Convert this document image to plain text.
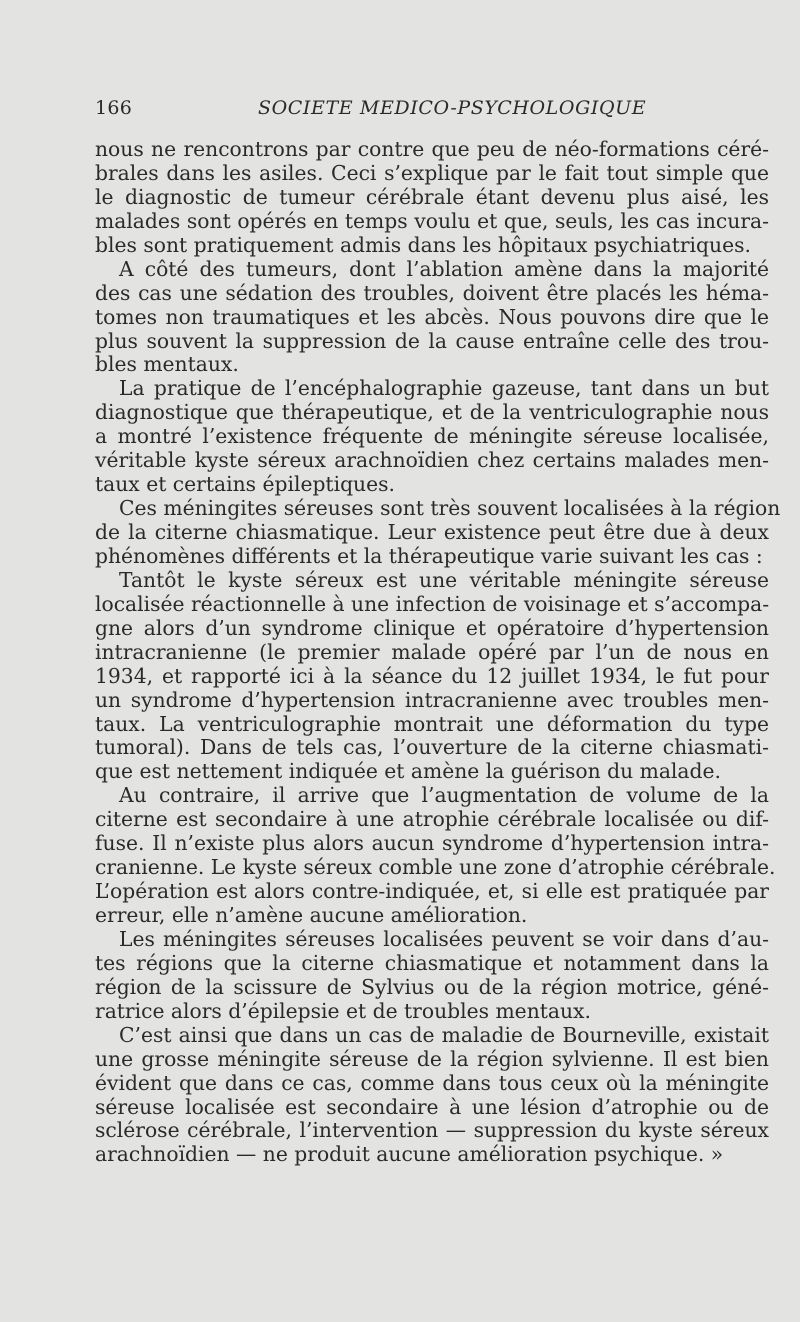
166	SOCIETE MEDICO-PSYCHOLOGIQUE
nous ne rencontrons par contre que peu de néo-formations céré-
brales dans les asiles. Ceci s’explique par le fait tout simple que
le diagnostic de tumeur cérébrale étant devenu plus aisé, les
malades sont opérés en temps voulu et que, seuls, les cas incura-
bles sont pratiquement admis dans les hôpitaux psychiatriques.
A côté des tumeurs, dont l’ablation amène dans la majorité
des cas une sédation des troubles, doivent être placés les héma-
tomes non traumatiques et les abcès. Nous pouvons dire que le
plus souvent la suppression de la cause entraîne celle des trou-
bles mentaux.
La pratique de l’encéphalographie gazeuse, tant dans un but
diagnostique que thérapeutique, et de la ventriculographie nous
a montré l’existence fréquente de méningite séreuse localisée,
véritable kyste séreux arachnoïdien chez certains malades men-
taux et certains épileptiques.
Ces méningites séreuses sont très souvent localisées à la région
de la citerne chiasmatique. Leur existence peut être due à deux
phénomènes différents et la thérapeutique varie suivant les cas :
Tantôt le kyste séreux est une véritable méningite séreuse
localisée réactionnelle à une infection de voisinage et s’accompa-
gne alors d’un syndrome clinique et opératoire d’hypertension
intracranienne (le premier malade opéré par l’un de nous en
1934, et rapporté ici à la séance du 12 juillet 1934, le fut pour
un syndrome d’hypertension intracranienne avec troubles men-
taux. La ventriculographie montrait une déformation du type
tumoral). Dans de tels cas, l’ouverture de la citerne chiasmati-
que est nettement indiquée et amène la guérison du malade.
Au contraire, il arrive que l’augmentation de volume de la
citerne est secondaire à une atrophie cérébrale localisée ou dif-
fuse. Il n’existe plus alors aucun syndrome d’hypertension intra-
cranienne. Le kyste séreux comble une zone d’atrophie cérébrale.
L’opération est alors contre-indiquée, et, si elle est pratiquée par
erreur, elle n’amène aucune amélioration.
Les méningites séreuses localisées peuvent se voir dans d’au-
tes régions que la citerne chiasmatique et notamment dans la
région de la scissure de Sylvius ou de la région motrice, géné-
ratrice alors d’épilepsie et de troubles mentaux.
C’est ainsi que dans un cas de maladie de Bourneville, existait
une grosse méningite séreuse de la région sylvienne. Il est bien
évident que dans ce cas, comme dans tous ceux où la méningite
séreuse localisée est secondaire à une lésion d’atrophie ou de
sclérose cérébrale, l’intervention — suppression du kyste séreux
arachnoïdien — ne produit aucune amélioration psychique. »
